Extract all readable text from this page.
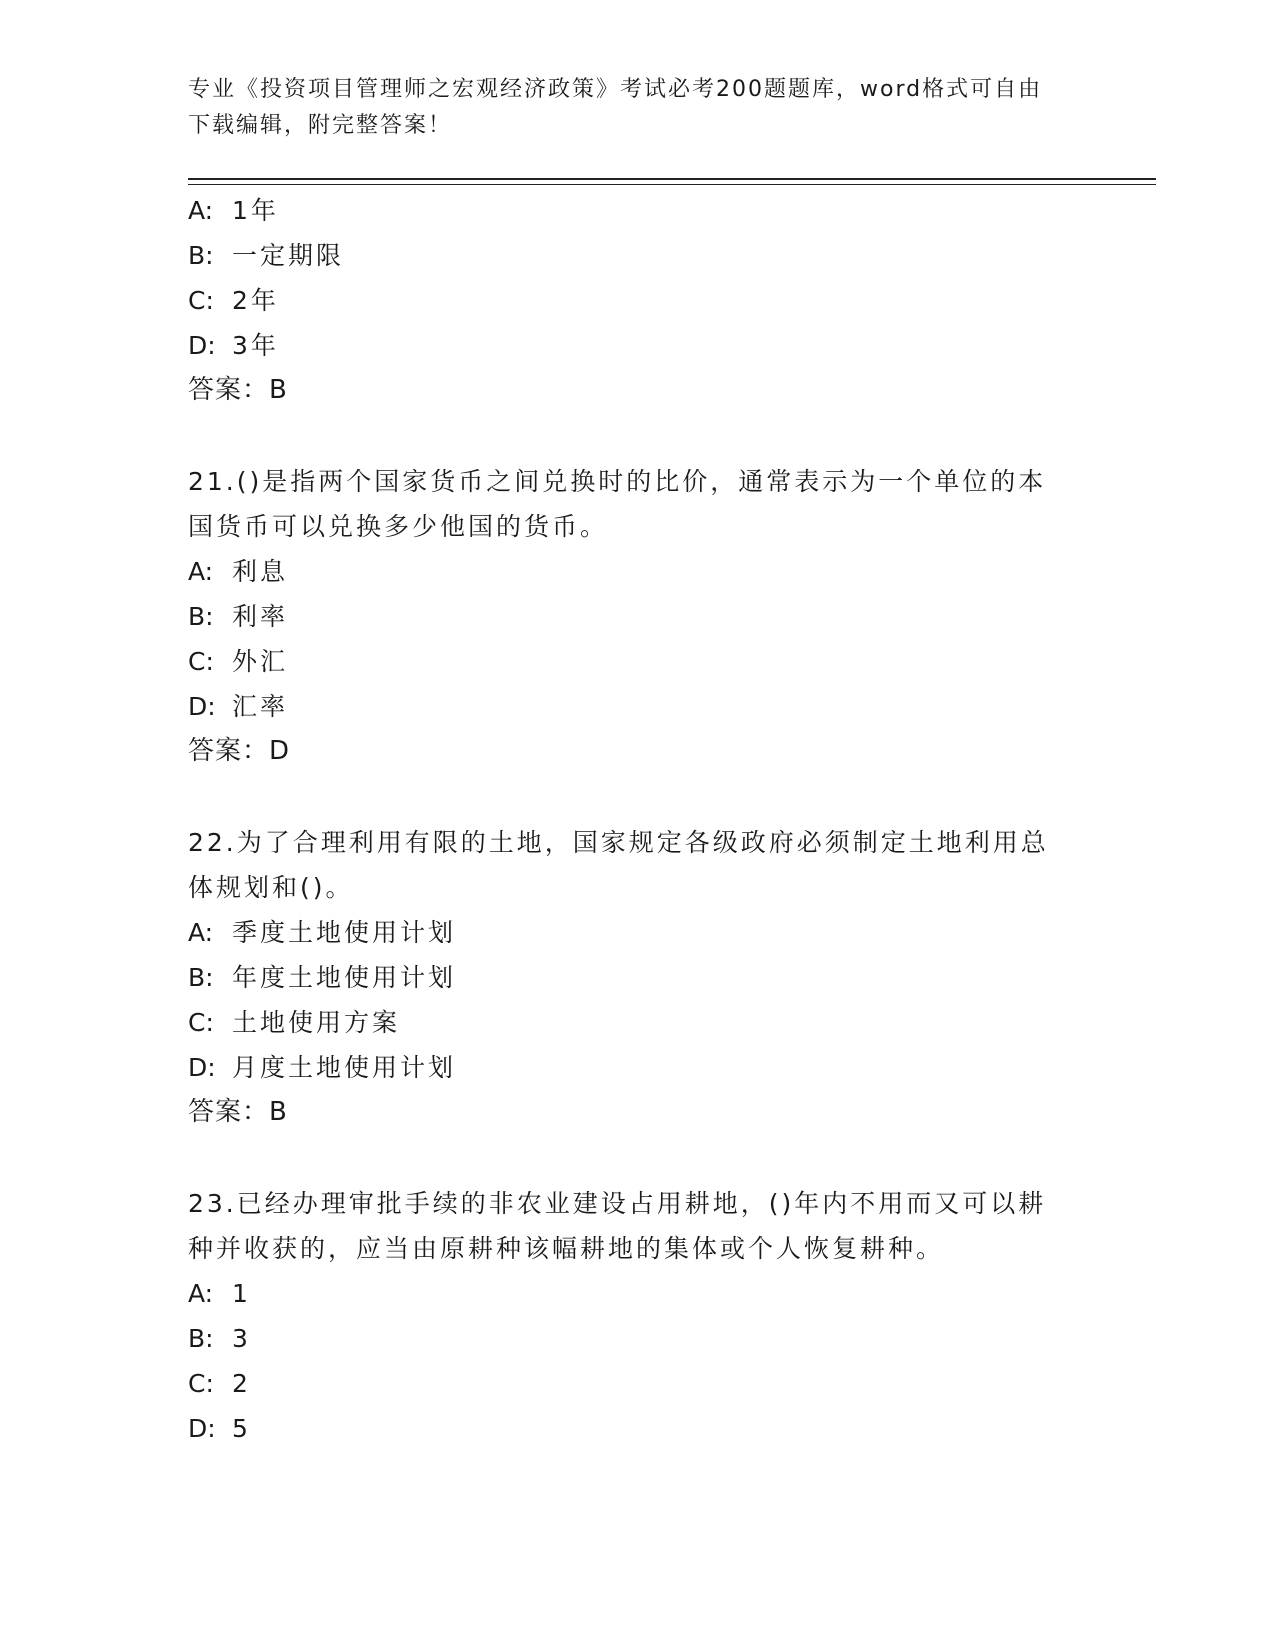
专业《投资项目管理师之宏观经济政策》考试必考200题题库，word格式可自由
下载编辑，附完整答案！
A: 1年
B: 一定期限
C: 2年
D: 3年
答案：B
21.()是指两个国家货币之间兑换时的比价，通常表示为一个单位的本
国货币可以兑换多少他国的货币。
A: 利息
B: 利率
C: 外汇
D: 汇率
答案：D
22.为了合理利用有限的土地，国家规定各级政府必须制定土地利用总
体规划和()。
A: 季度土地使用计划
B: 年度土地使用计划
C: 土地使用方案
D: 月度土地使用计划
答案：B
23.已经办理审批手续的非农业建设占用耕地，()年内不用而又可以耕
种并收获的，应当由原耕种该幅耕地的集体或个人恢复耕种。
A: 1
B: 3
C: 2
D: 5
